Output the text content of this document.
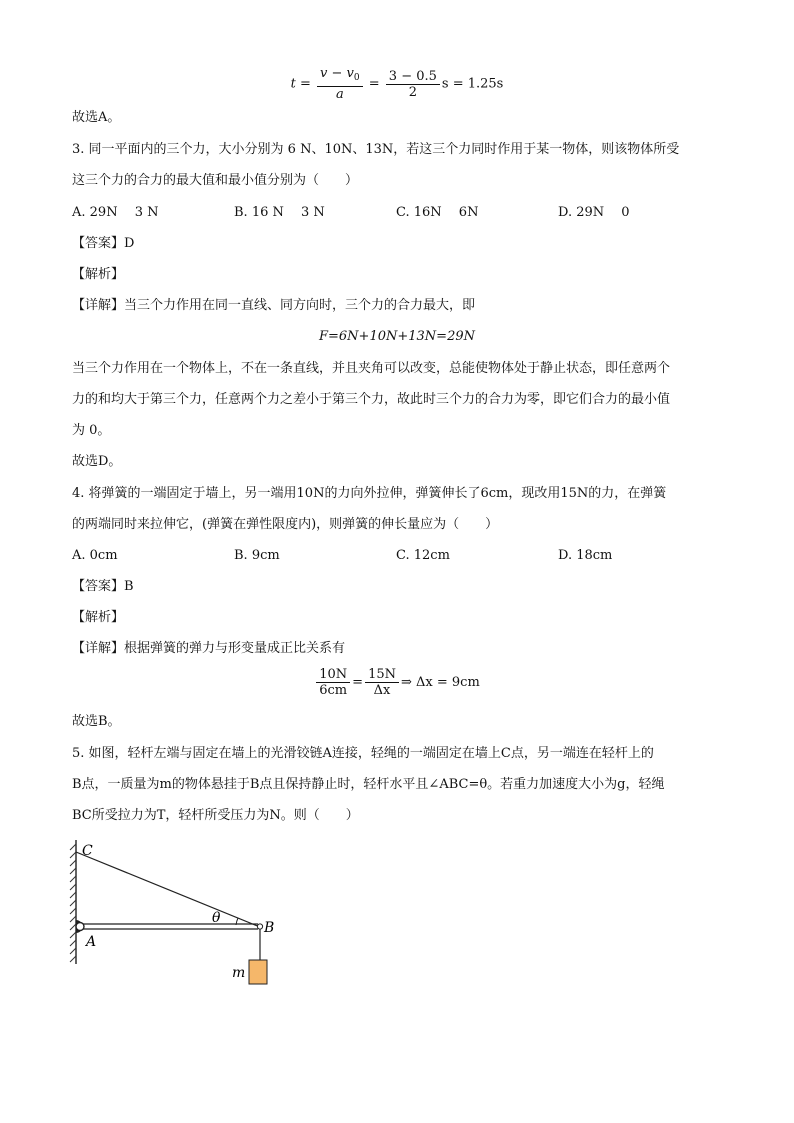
$t = \frac{v - v_0}{a} = \frac{3 - 0.5}{2}$ s = 1.25s
故选A。
3. 同一平面内的三个力，大小分别为 6 N、10N、13N，若这三个力同时作用于某一物体，则该物体所受
这三个力的合力的最大值和最小值分别为（　　）
A. 29N　 3 N	B. 16 N　 3 N	C. 16N　 6N	D. 29N　 0
【答案】D
【解析】
【详解】当三个力作用在同一直线、同方向时，三个力的合力最大，即
F=6N+10N+13N=29N
当三个力作用在一个物体上，不在一条直线，并且夹角可以改变，总能使物体处于静止状态，即任意两个
力的和均大于第三个力，任意两个力之差小于第三个力，故此时三个力的合力为零，即它们合力的最小值
为 0。
故选D。
4. 将弹簧的一端固定于墙上，另一端用10N的力向外拉伸，弹簧伸长了6cm，现改用15N的力，在弹簧
的两端同时来拉伸它，(弹簧在弹性限度内)，则弹簧的伸长量应为（　　）
A. 0cm	B. 9cm	C. 12cm	D. 18cm
【答案】B
【解析】
【详解】根据弹簧的弹力与形变量成正比关系有
$\frac{10N}{6cm} = \frac{15N}{\Delta x}$ ⇒ Δx = 9cm
故选B。
5. 如图，轻杆左端与固定在墙上的光滑铰链A连接，轻绳的一端固定在墙上C点，另一端连在轻杆上的
B点，一质量为m的物体悬挂于B点且保持静止时，轻杆水平且∠ABC=θ。若重力加速度大小为g，轻绳
BC所受拉力为T，轻杆所受压力为N。则（　　）
C
A
B
θ
m
